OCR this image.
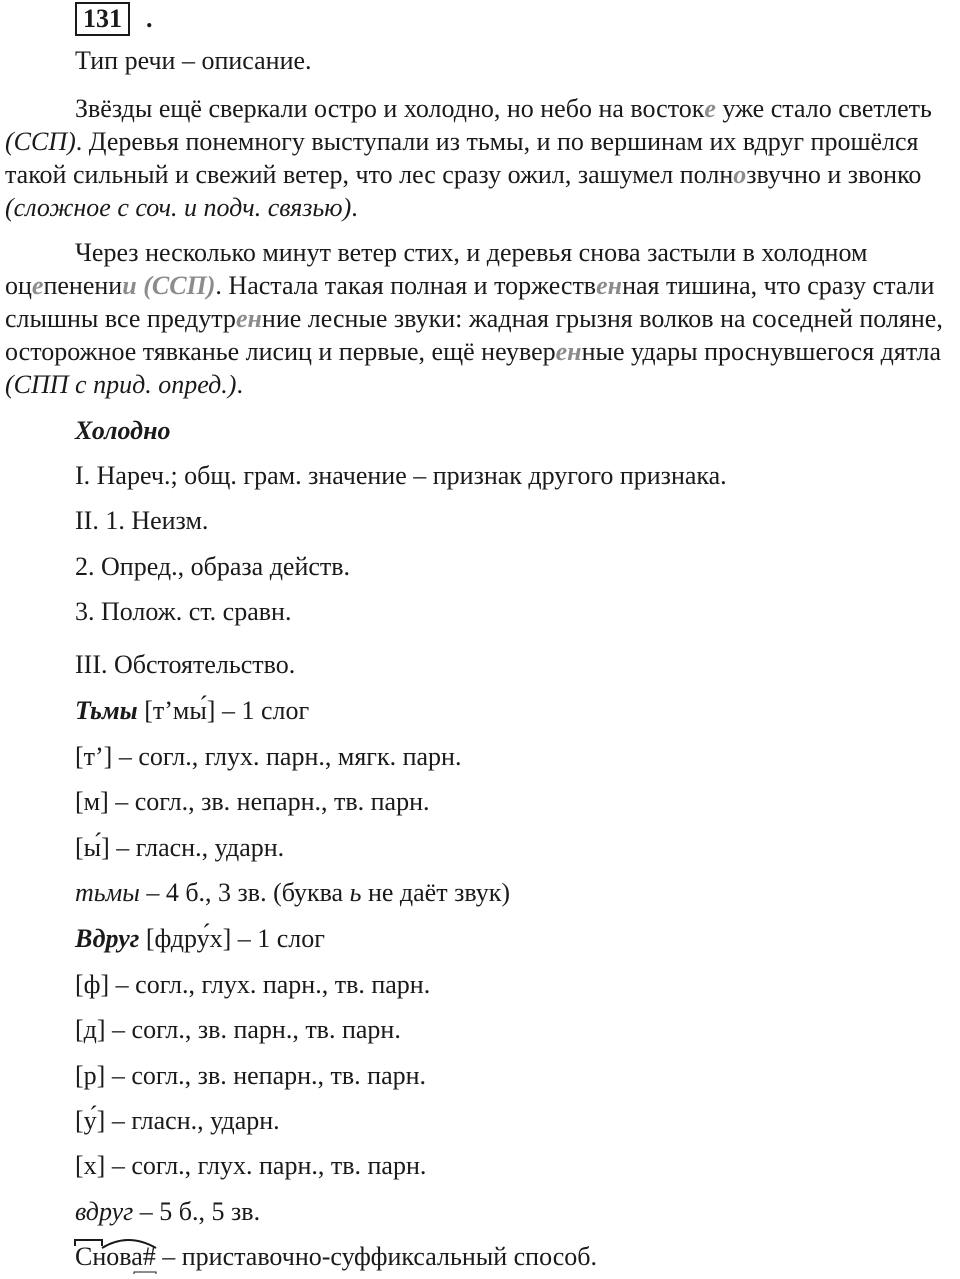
131 .
Тип речи – описание.

Звёзды ещё сверкали остро и холодно, но небо на востоке уже стало светлеть (ССП). Деревья понемногу выступали из тьмы, и по вершинам их вдруг прошёлся такой сильный и свежий ветер, что лес сразу ожил, зашумел полнозвучно и звонко (сложное с соч. и подч. связью).

Через несколько минут ветер стих, и деревья снова застыли в холодном оцепенении (ССП). Настала такая полная и торжественная тишина, что сразу стали слышны все предутренние лесные звуки: жадная грызня волков на соседней поляне, осторожное тявканье лисиц и первые, ещё неуверенные удары проснувшегося дятла (СПП с прид. опред.).

Холодно
I. Нареч.; общ. грам. значение – признак другого признака.
II. 1. Неизм.
2. Опред., образа действ.
3. Полож. ст. сравн.
III. Обстоятельство.
Тьмы [т’мы́] – 1 слог
[т’] – согл., глух. парн., мягк. парн.
[м] – согл., зв. непарн., тв. парн.
[ы́] – гласн., ударн.
тьмы – 4 б., 3 зв. (буква ь не даёт звук)
Вдруг [фдру́х] – 1 слог
[ф] – согл., глух. парн., тв. парн.
[д] – согл., зв. парн., тв. парн.
[р] – согл., зв. непарн., тв. парн.
[у́] – гласн., ударн.
[х] – согл., глух. парн., тв. парн.
вдруг – 5 б., 5 зв.
Снова# – приставочно-суффиксальный способ.
